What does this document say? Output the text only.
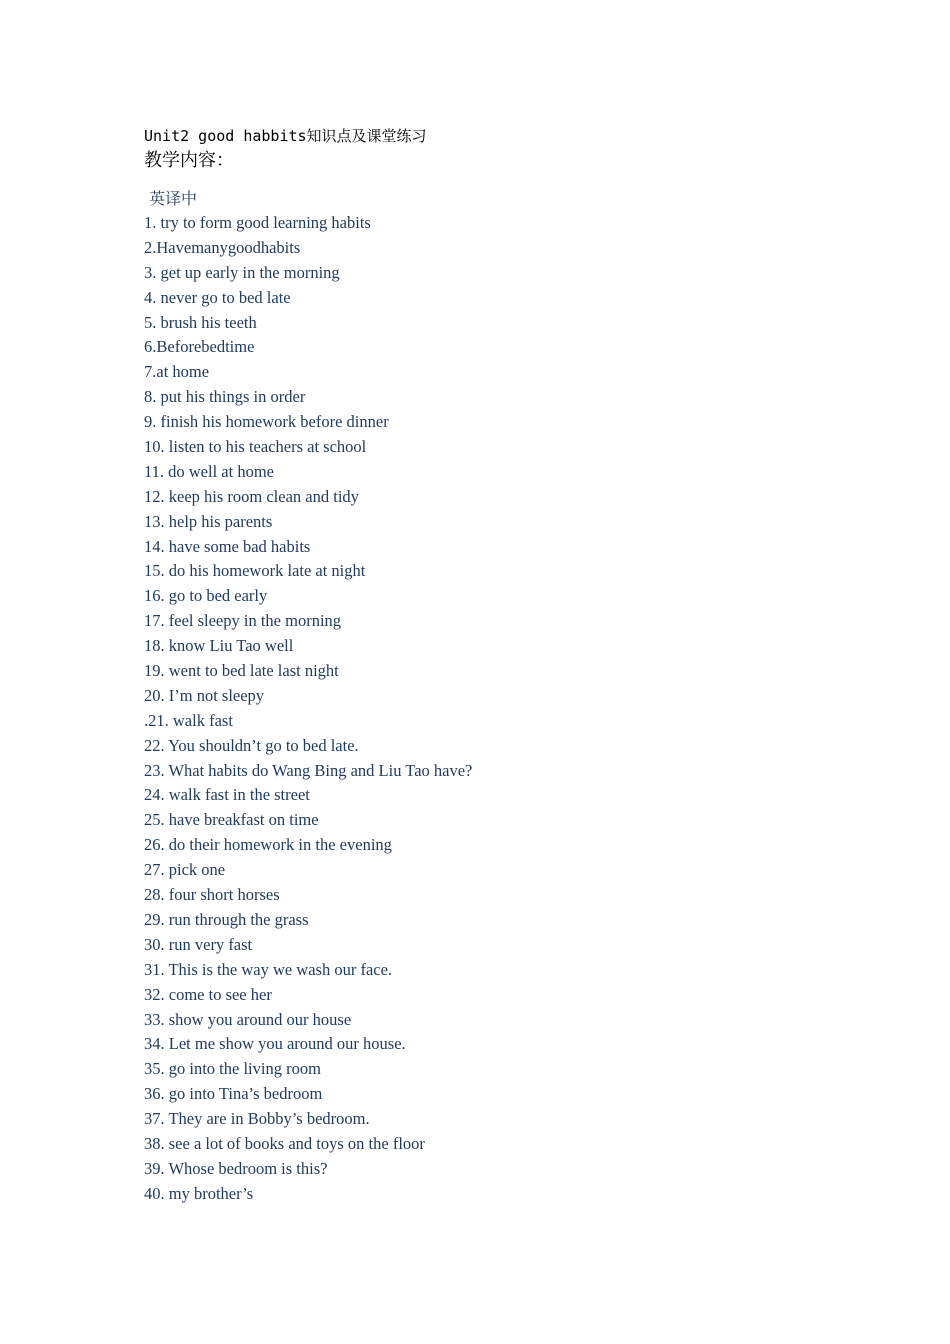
Unit2 good habbits知识点及课堂练习
教学内容：
英译中
1. try to form good learning habits
2.Havemanygoodhabits
3. get up early in the morning
4. never go to bed late
5. brush his teeth
6.Beforebedtime
7.at home
8. put his things in order
9. finish his homework before dinner
10. listen to his teachers at school
11. do well at home
12. keep his room clean and tidy
13. help his parents
14. have some bad habits
15. do his homework late at night
16. go to bed early
17. feel sleepy in the morning
18. know Liu Tao well
19. went to bed late last night
20. I’m not sleepy
.21. walk fast
22. You shouldn’t go to bed late.
23. What habits do Wang Bing and Liu Tao have?
24. walk fast in the street
25. have breakfast on time
26. do their homework in the evening
27. pick one
28. four short horses
29. run through the grass
30. run very fast
31. This is the way we wash our face.
32. come to see her
33. show you around our house
34. Let me show you around our house.
35. go into the living room
36. go into Tina’s bedroom
37. They are in Bobby’s bedroom.
38. see a lot of books and toys on the floor
39. Whose bedroom is this?
40. my brother’s
